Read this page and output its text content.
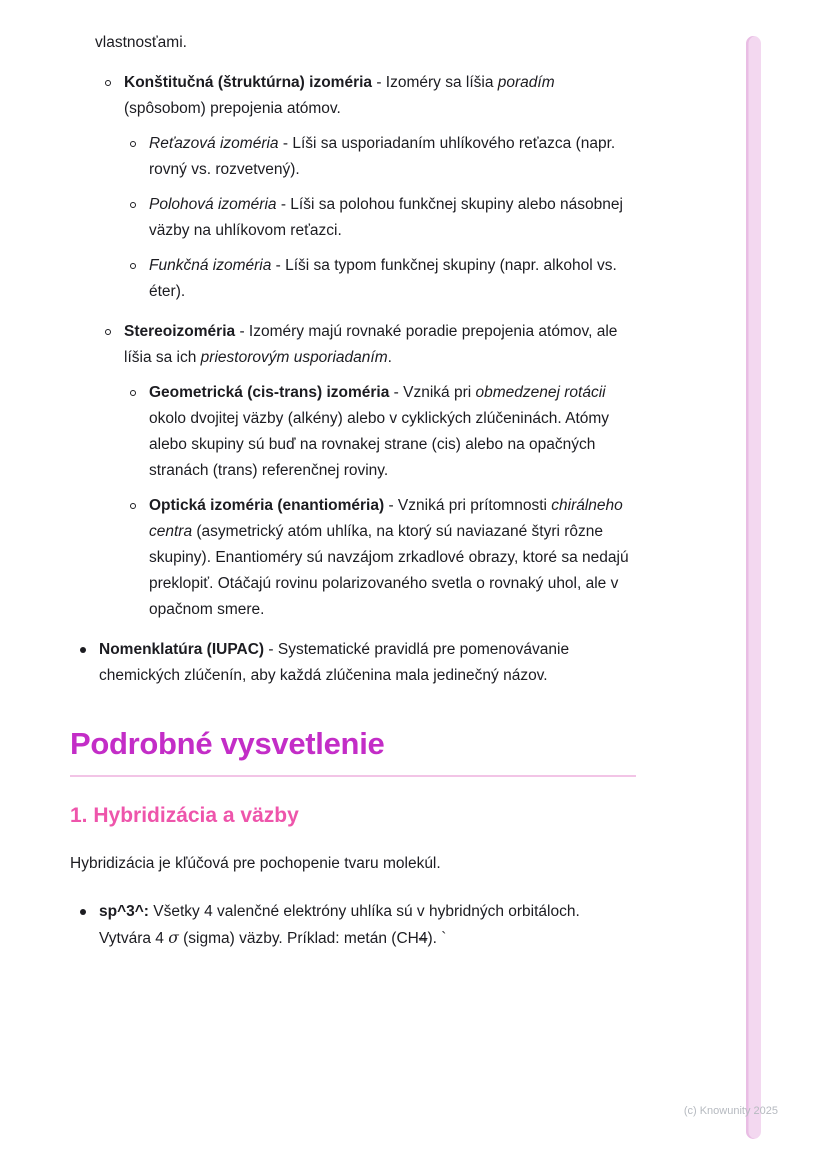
vlastnosťami.

Konštitučná (štruktúrna) izoméria - Izoméry sa líšia poradím (spôsobom) prepojenia atómov.
Reťazová izoméria - Líši sa usporiadaním uhlíkového reťazca (napr. rovný vs. rozvetvený).
Polohová izoméria - Líši sa polohou funkčnej skupiny alebo násobnej väzby na uhlíkovom reťazci.
Funkčná izoméria - Líši sa typom funkčnej skupiny (napr. alkohol vs. éter).
Stereoizoméria - Izoméry majú rovnaké poradie prepojenia atómov, ale líšia sa ich priestorovým usporiadaním.
Geometrická (cis-trans) izoméria - Vzniká pri obmedzenej rotácii okolo dvojitej väzby (alkény) alebo v cyklických zlúčeninách. Atómy alebo skupiny sú buď na rovnakej strane (cis) alebo na opačných stranách (trans) referenčnej roviny.
Optická izoméria (enantioméria) - Vzniká pri prítomnosti chirálneho centra (asymetrický atóm uhlíka, na ktorý sú naviazané štyri rôzne skupiny). Enantioméry sú navzájom zrkadlové obrazy, ktoré sa nedajú preklopiť. Otáčajú rovinu polarizovaného svetla o rovnaký uhol, ale v opačnom smere.
Nomenklatúra (IUPAC) - Systematické pravidlá pre pomenovávanie chemických zlúčenín, aby každá zlúčenina mala jedinečný názov.
Podrobné vysvetlenie
1. Hybridizácia a väzby

Hybridizácia je kľúčová pre pochopenie tvaru molekúl.

sp^3^: Všetky 4 valenčné elektróny uhlíka sú v hybridných orbitáloch. Vytvára 4 σ (sigma) väzby. Príklad: metán (CH4). `
(c) Knowunity 2025
